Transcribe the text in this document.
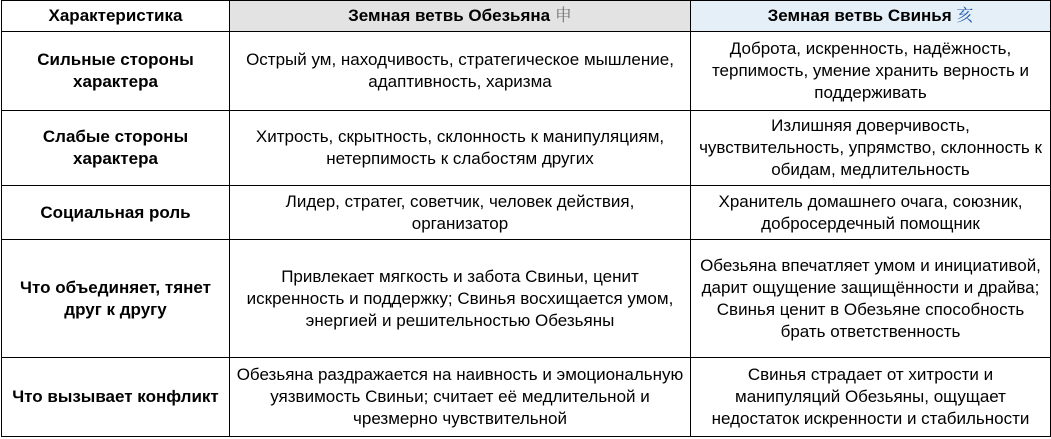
Характеристика	Земная ветвь Обезьяна 申	Земная ветвь Свинья 亥
Сильные стороны характера	Острый ум, находчивость, стратегическое мышление, адаптивность, харизма	Доброта, искренность, надёжность, терпимость, умение хранить верность и поддерживать
Слабые стороны характера	Хитрость, скрытность, склонность к манипуляциям, нетерпимость к слабостям других	Излишняя доверчивость, чувствительность, упрямство, склонность к обидам, медлительность
Социальная роль	Лидер, стратег, советчик, человек действия, организатор	Хранитель домашнего очага, союзник, добросердечный помощник
Что объединяет, тянет друг к другу	Привлекает мягкость и забота Свиньи, ценит искренность и поддержку; Свинья восхищается умом, энергией и решительностью Обезьяны	Обезьяна впечатляет умом и инициативой, дарит ощущение защищённости и драйва; Свинья ценит в Обезьяне способность брать ответственность
Что вызывает конфликт	Обезьяна раздражается на наивность и эмоциональную уязвимость Свиньи; считает её медлительной и чрезмерно чувствительной	Свинья страдает от хитрости и манипуляций Обезьяны, ощущает недостаток искренности и стабильности
